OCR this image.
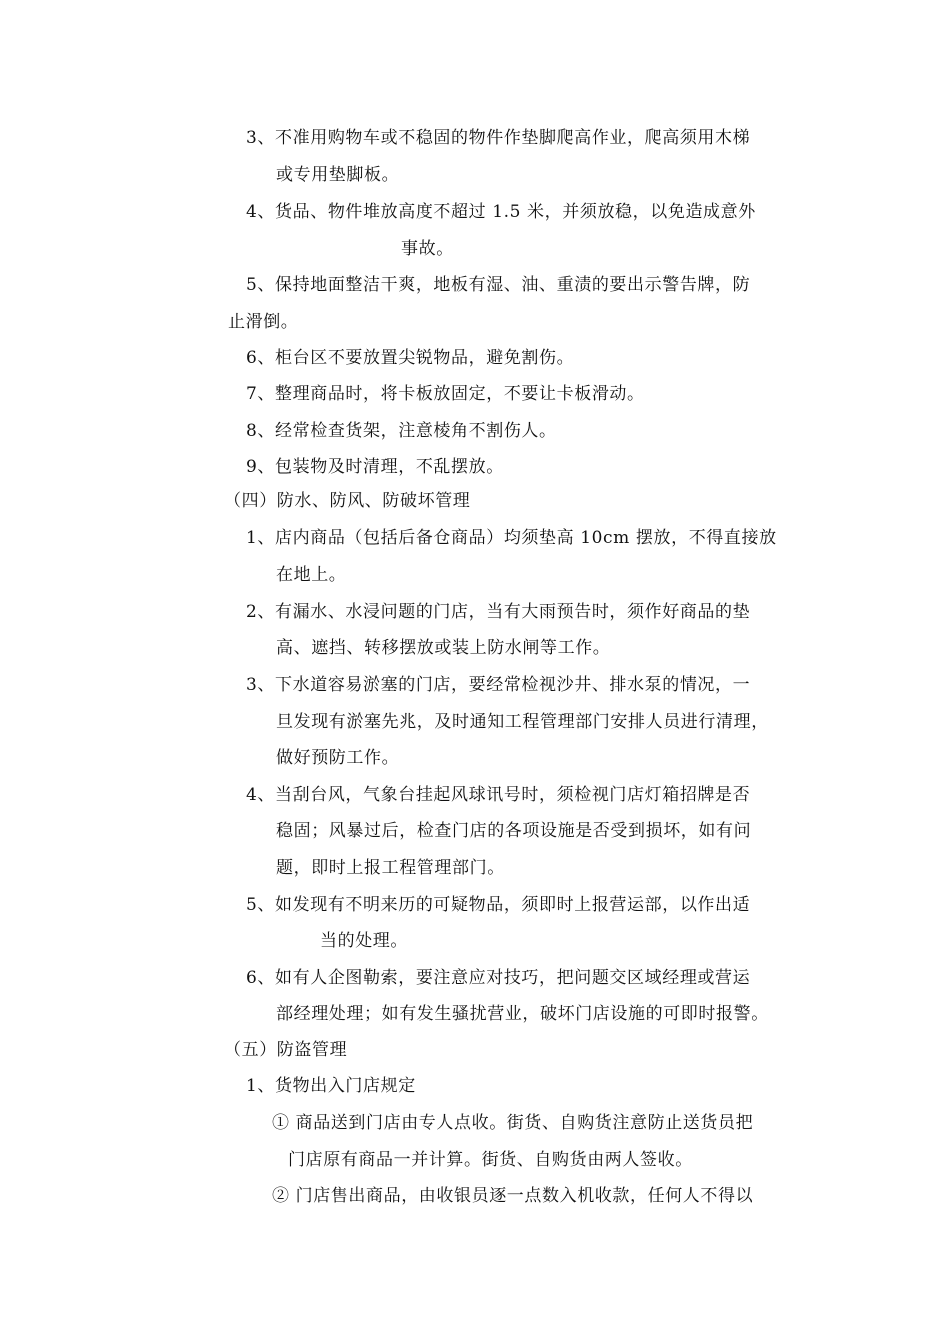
3、不准用购物车或不稳固的物件作垫脚爬高作业，爬高须用木梯
或专用垫脚板。
4、货品、物件堆放高度不超过 1.5 米，并须放稳，以免造成意外
事故。
5、保持地面整洁干爽，地板有湿、油、重渍的要出示警告牌，防
止滑倒。
6、柜台区不要放置尖锐物品，避免割伤。
7、整理商品时，将卡板放固定，不要让卡板滑动。
8、经常检查货架，注意棱角不割伤人。
9、包装物及时清理，不乱摆放。
（四）防水、防风、防破坏管理
1、店内商品（包括后备仓商品）均须垫高 10cm 摆放，不得直接放
在地上。
2、有漏水、水浸问题的门店，当有大雨预告时，须作好商品的垫
高、遮挡、转移摆放或装上防水闸等工作。
3、下水道容易淤塞的门店，要经常检视沙井、排水泵的情况，一
旦发现有淤塞先兆，及时通知工程管理部门安排人员进行清理，
做好预防工作。
4、当刮台风，气象台挂起风球讯号时，须检视门店灯箱招牌是否
稳固；风暴过后，检查门店的各项设施是否受到损坏，如有问
题，即时上报工程管理部门。
5、如发现有不明来历的可疑物品，须即时上报营运部，以作出适
当的处理。
6、如有人企图勒索，要注意应对技巧，把问题交区域经理或营运
部经理处理；如有发生骚扰营业，破坏门店设施的可即时报警。
（五）防盗管理
1、货物出入门店规定
① 商品送到门店由专人点收。街货、自购货注意防止送货员把
门店原有商品一并计算。街货、自购货由两人签收。
② 门店售出商品，由收银员逐一点数入机收款，任何人不得以
